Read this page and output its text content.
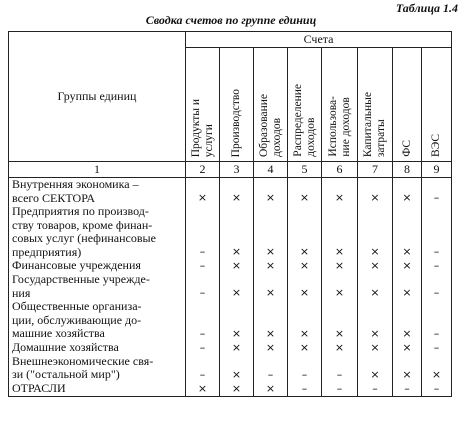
Таблица 1.4
Сводка счетов по группе единиц
Группы единиц	Счета							

	Продукты и
услуги	Производство	Образование
доходов	Распределение
доходов	Использова-
ние доходов	Капитальные
затраты	ФС	ВЭС

1	2	3	4	5	6	7	8	9

Внутренняя экономика –
всего СЕКТОРА	×	×	×	×	×	×	×	–

Предприятия по производ-
ству товаров, кроме финан-
совых услуг (нефинансовые
предприятия)	–	×	×	×	×	×	×	–

Финансовые учреждения	–	×	×	×	×	×	×	–

Государственные учрежде-
ния	–	×	×	×	×	×	×	–

Общественные организа-
ции, обслуживающие до-
машние хозяйства	–	×	×	×	×	×	×	–

Домашние хозяйства	–	×	×	×	×	×	×	–

Внешнеэкономические свя-
зи ("остальной мир")	–	×	–	–	–	×	×	×

ОТРАСЛИ	×	×	×	–	–	–	–	–
